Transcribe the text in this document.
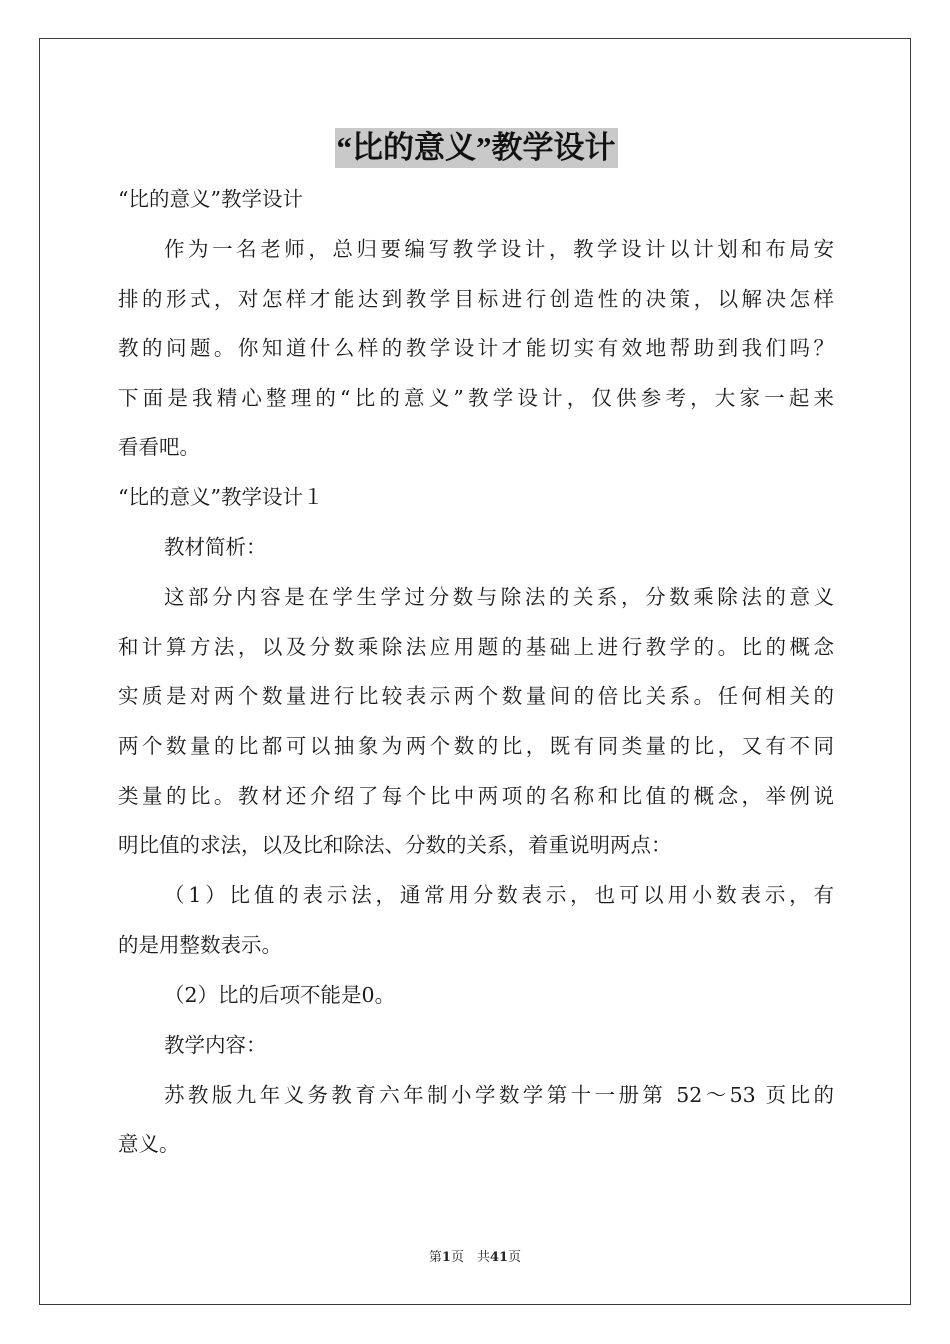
“比的意义”教学设计
“比的意义”教学设计
作为一名老师，总归要编写教学设计，教学设计以计划和布局安
排的形式，对怎样才能达到教学目标进行创造性的决策，以解决怎样
教的问题。你知道什么样的教学设计才能切实有效地帮助到我们吗？
下面是我精心整理的“比的意义”教学设计，仅供参考，大家一起来
看看吧。
“比的意义”教学设计１
教材简析：
这部分内容是在学生学过分数与除法的关系，分数乘除法的意义
和计算方法，以及分数乘除法应用题的基础上进行教学的。比的概念
实质是对两个数量进行比较表示两个数量间的倍比关系。任何相关的
两个数量的比都可以抽象为两个数的比，既有同类量的比，又有不同
类量的比。教材还介绍了每个比中两项的名称和比值的概念，举例说
明比值的求法，以及比和除法、分数的关系，着重说明两点：
（1）比值的表示法，通常用分数表示，也可以用小数表示，有
的是用整数表示。
（2）比的后项不能是0。
教学内容：
苏教版九年义务教育六年制小学数学第十一册第 52～53 页比的
意义。
第1页　共41页
